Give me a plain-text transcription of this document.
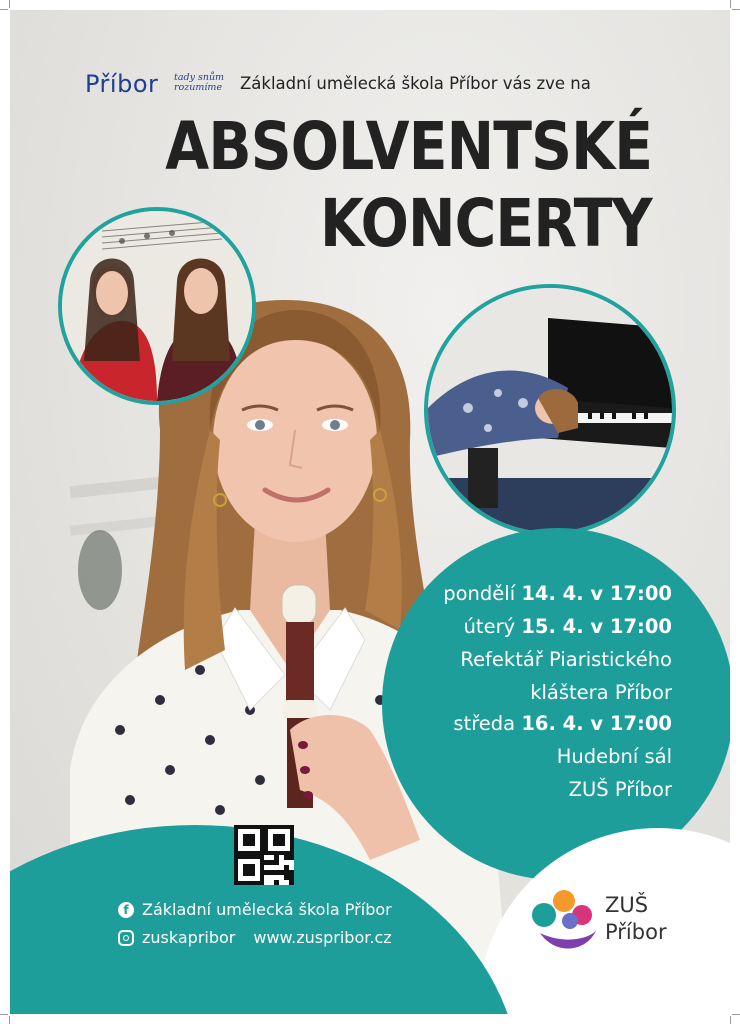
Příbor tady snům
rozumíme	Základní umělecká škola Příbor vás zve na
ABSOLVENTSKÉ
KONCERTY
pondělí 14. 4. v 17:00
úterý 15. 4. v 17:00
Refektář Piaristického
kláštera Příbor
středa 16. 4. v 17:00
Hudební sál
ZUŠ Příbor
f Základní umělecká škola Příbor
zuskapribor www.zuspribor.cz
ZUŠ
Příbor
